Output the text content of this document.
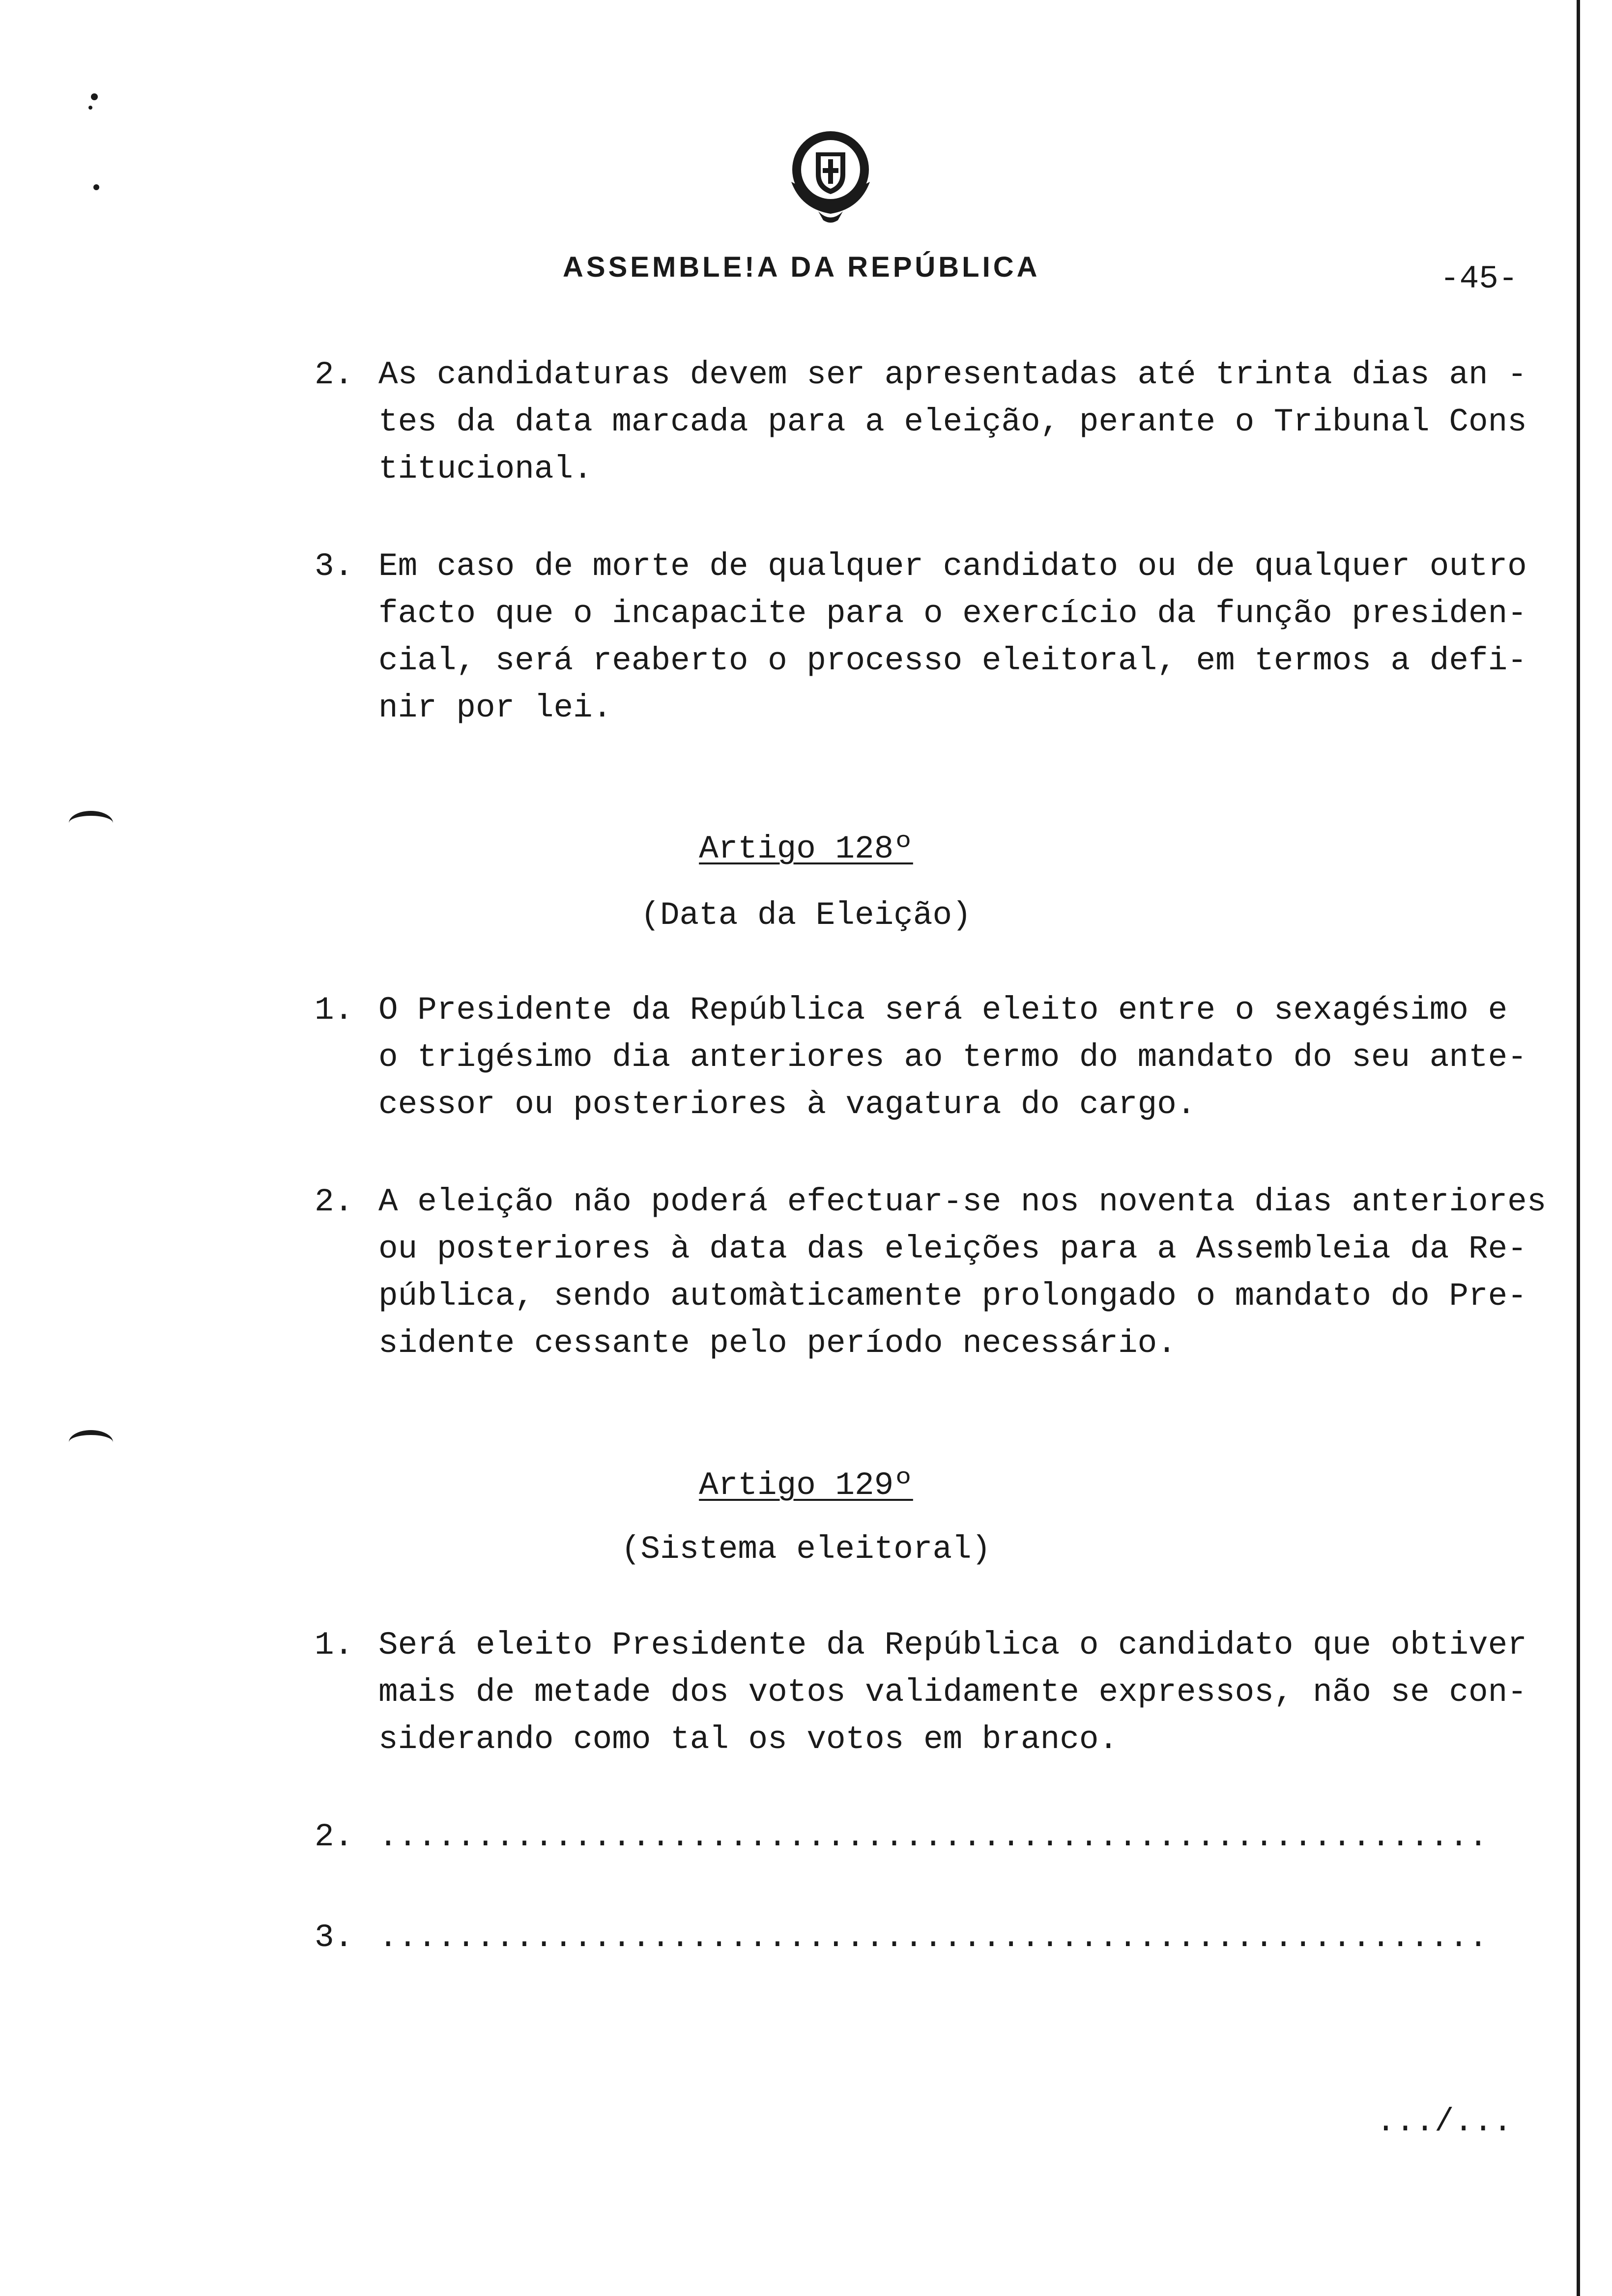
ASSEMBLE!A DA REPÚBLICA	-45-
2. As candidaturas devem ser apresentadas até trinta dias an -
tes da data marcada para a eleição, perante o Tribunal Cons
titucional.
3. Em caso de morte de qualquer candidato ou de qualquer outro
facto que o incapacite para o exercício da função presiden-
cial, será reaberto o processo eleitoral, em termos a defi-
nir por lei.
Artigo 128º
(Data da Eleição)
1. O Presidente da República será eleito entre o sexagésimo e
o trigésimo dia anteriores ao termo do mandato do seu ante-
cessor ou posteriores à vagatura do cargo.
2. A eleição não poderá efectuar-se nos noventa dias anteriores
ou posteriores à data das eleições para a Assembleia da Re-
pública, sendo automàticamente prolongado o mandato do Pre-
sidente cessante pelo período necessário.
Artigo 129º
(Sistema eleitoral)
1. Será eleito Presidente da República o candidato que obtiver
mais de metade dos votos validamente expressos, não se con-
siderando como tal os votos em branco.
2. .........................................................
3. .........................................................
.../...
